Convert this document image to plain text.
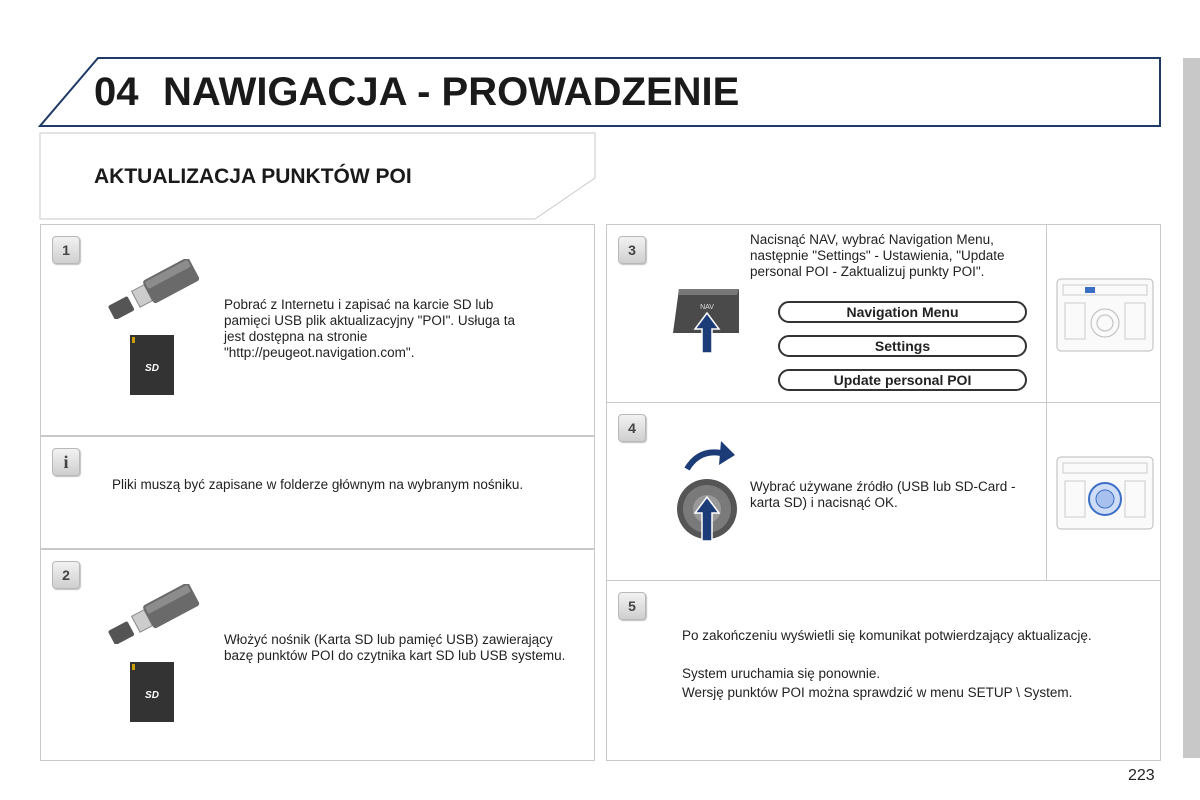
04 NAWIGACJA - PROWADZENIE
AKTUALIZACJA PUNKTÓW POI
1
SD
Pobrać z Internetu i zapisać na karcie SD lub pamięci USB plik aktualizacyjny "POI". Usługa ta jest dostępna na stronie "http://peugeot.navigation.com".
i
Pliki muszą być zapisane w folderze głównym na wybranym nośniku.
2
SD
Włożyć nośnik (Karta SD lub pamięć USB) zawierający bazę punktów POI do czytnika kart SD lub USB systemu.
3
NAV
Nacisnąć NAV, wybrać Navigation Menu, następnie "Settings" - Ustawienia, "Update personal POI - Zaktualizuj punkty POI".
Navigation Menu
Settings
Update personal POI
4
Wybrać używane źródło (USB lub SD-Card - karta SD) i nacisnąć OK.
5
Po zakończeniu wyświetli się komunikat potwierdzający aktualizację.
System uruchamia się ponownie.
Wersję punktów POI można sprawdzić w menu SETUP \ System.
223
